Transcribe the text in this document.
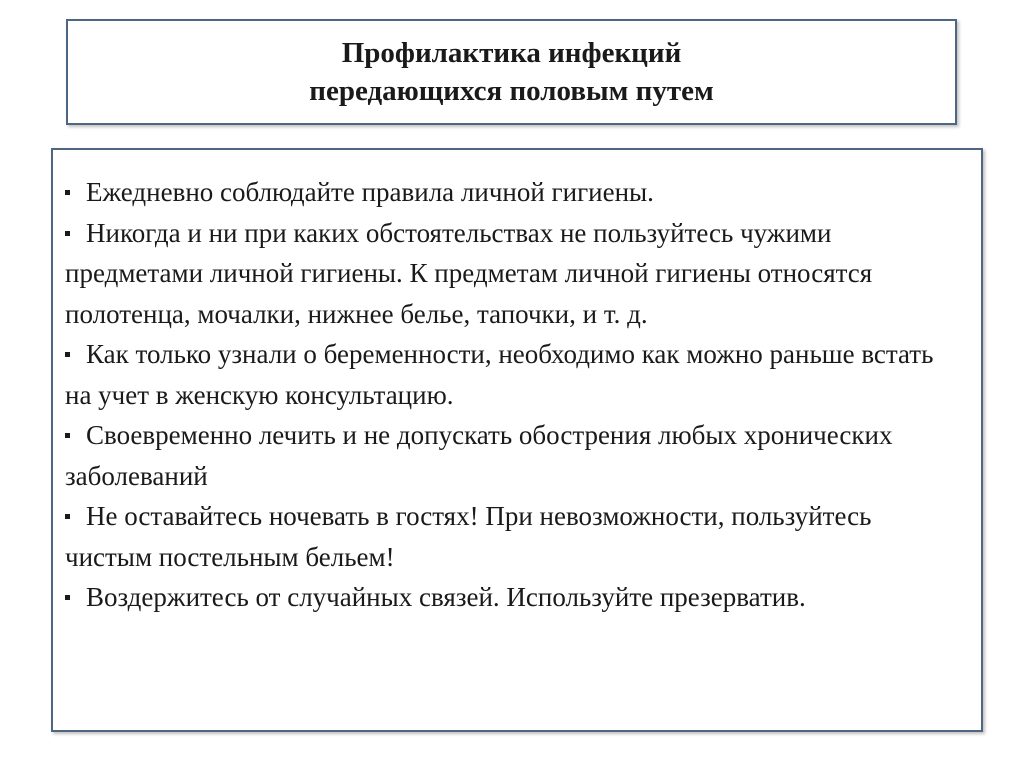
Профилактика инфекций
передающихся половым путем
Ежедневно соблюдайте правила личной гигиены.
Никогда и ни при каких обстоятельствах не пользуйтесь чужими предметами личной гигиены. К предметам личной гигиены относятся полотенца, мочалки, нижнее белье, тапочки, и т. д.
Как только узнали о беременности, необходимо как можно раньше встать на учет в женскую консультацию.
Своевременно лечить и не допускать обострения любых хронических заболеваний
Не оставайтесь ночевать в гостях! При невозможности, пользуйтесь чистым постельным бельем!
Воздержитесь от случайных связей. Используйте презерватив.
